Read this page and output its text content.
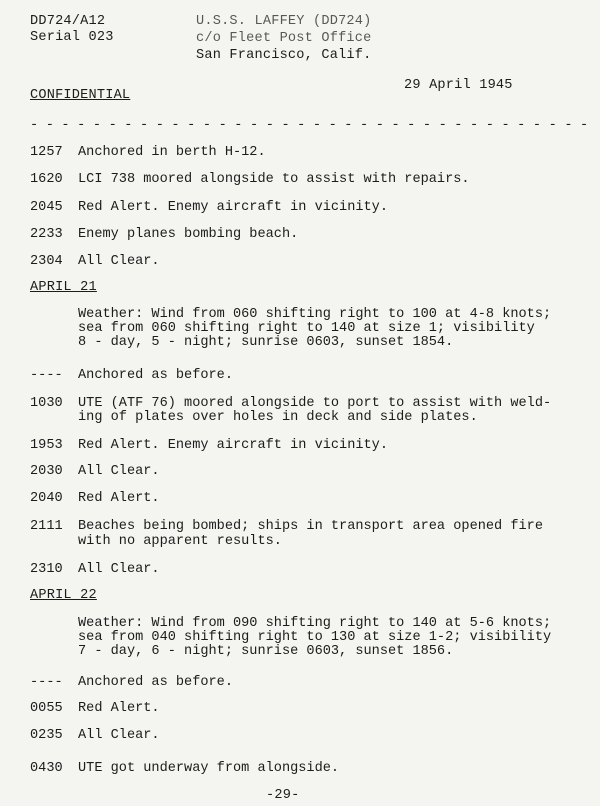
DD724/A12
Serial 023
U.S.S. LAFFEY (DD724)
c/o Fleet Post Office
San Francisco, Calif.
29 April 1945
CONFIDENTIAL
- - - - - - - - - - - - - - - - - - - - - - - - - - - - - - - - - - - -
1257 Anchored in berth H-12.
1620 LCI 738 moored alongside to assist with repairs.
2045 Red Alert. Enemy aircraft in vicinity.
2233 Enemy planes bombing beach.
2304 All Clear.
APRIL 21
Weather: Wind from 060 shifting right to 100 at 4-8 knots;
sea from 060 shifting right to 140 at size 1; visibility
8 - day, 5 - night; sunrise 0603, sunset 1854.
---- Anchored as before.
1030 UTE (ATF 76) moored alongside to port to assist with weld-
ing of plates over holes in deck and side plates.
1953 Red Alert. Enemy aircraft in vicinity.
2030 All Clear.
2040 Red Alert.
2111 Beaches being bombed; ships in transport area opened fire
with no apparent results.
2310 All Clear.
APRIL 22
Weather: Wind from 090 shifting right to 140 at 5-6 knots;
sea from 040 shifting right to 130 at size 1-2; visibility
7 - day, 6 - night; sunrise 0603, sunset 1856.
---- Anchored as before.
0055 Red Alert.
0235 All Clear.
0430 UTE got underway from alongside.
-29-
